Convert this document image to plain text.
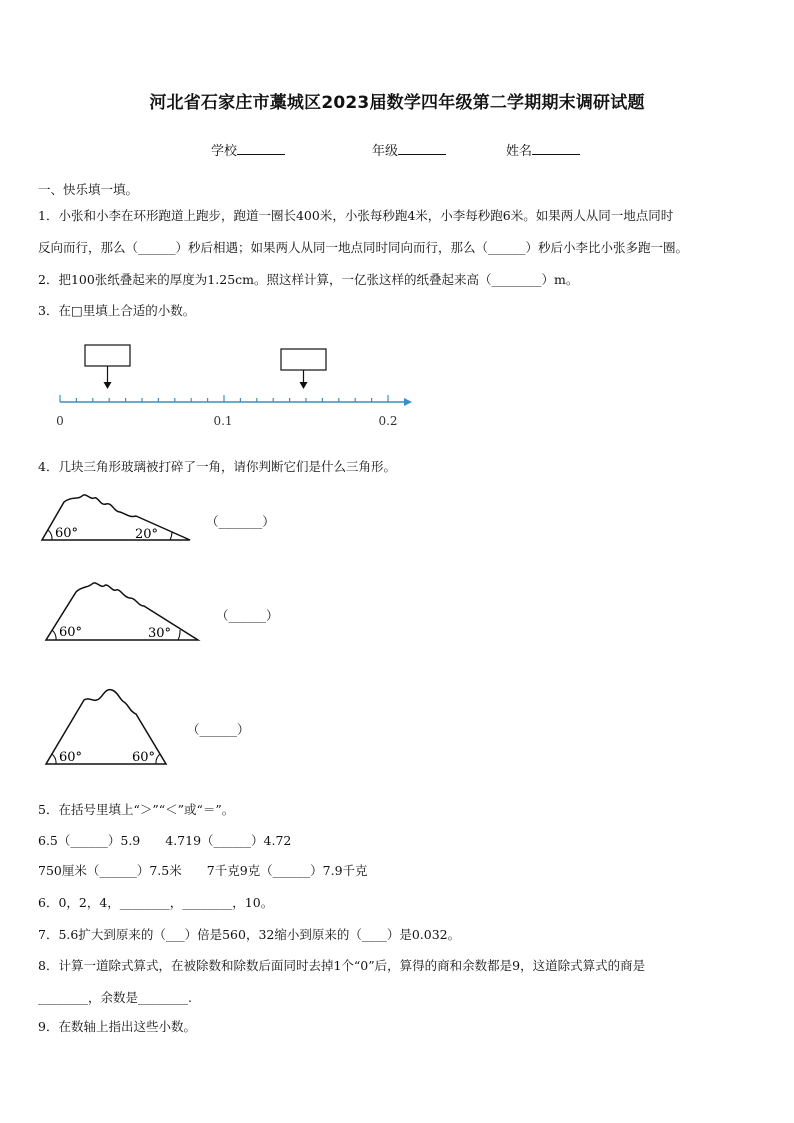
河北省石家庄市藁城区2023届数学四年级第二学期期末调研试题
学校	年级	姓名
一、快乐填一填。
1．小张和小李在环形跑道上跑步，跑道一圈长400米，小张每秒跑4米，小李每秒跑6米。如果两人从同一地点同时
反向而行，那么（______）秒后相遇；如果两人从同一地点同时同向而行，那么（______）秒后小李比小张多跑一圈。
2．把100张纸叠起来的厚度为1.25cm。照这样计算，一亿张这样的纸叠起来高（________）m。
3．在□里填上合适的小数。
0	0.1	0.2
4．几块三角形玻璃被打碎了一角，请你判断它们是什么三角形。
60°	20°
（_______）
60°	30°
（______）
60°	60°
（______）
5．在括号里填上“＞”“＜”或“＝”。
6.5（______）5.9　　4.719（______）4.72
750厘米（______）7.5米　　7千克9克（______）7.9千克
6．0，2，4，________，________，10。
7．5.6扩大到原来的（___）倍是560，32缩小到原来的（____）是0.032。
8．计算一道除式算式，在被除数和除数后面同时去掉1个“0”后，算得的商和余数都是9，这道除式算式的商是
________，余数是________.
9．在数轴上指出这些小数。
